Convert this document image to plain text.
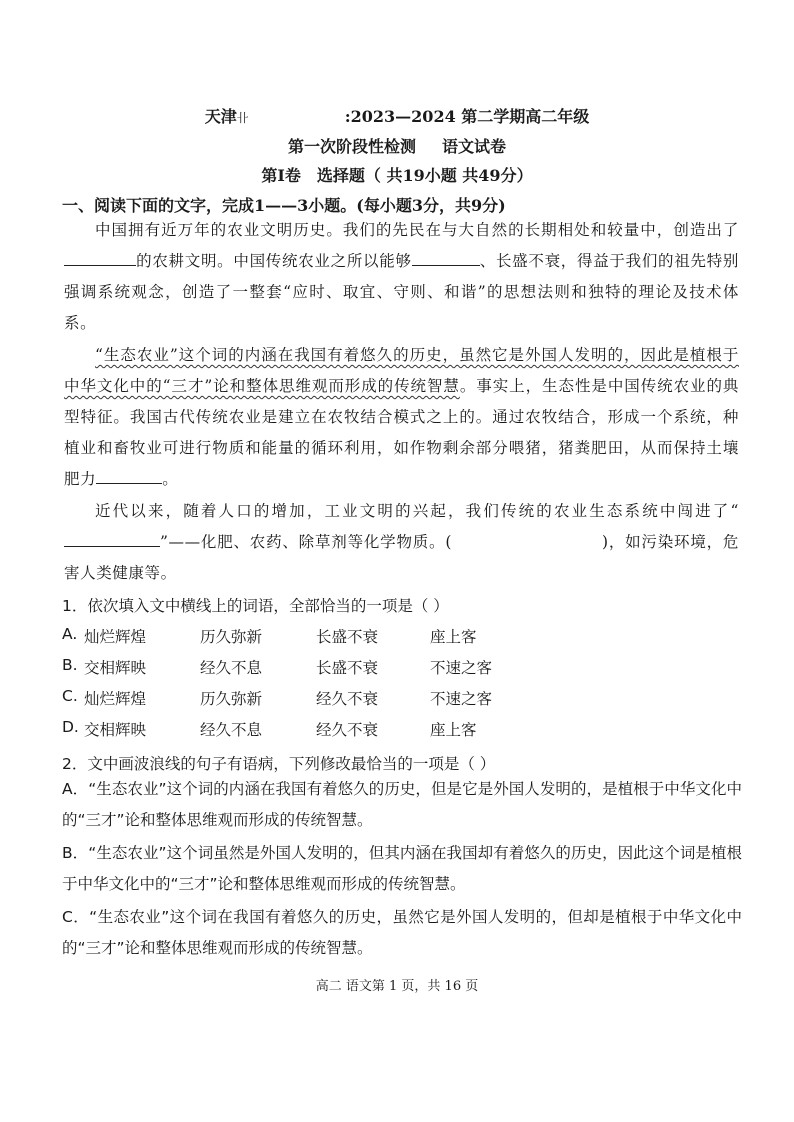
天津卝	:2023—2024 第二学期高二年级
第一次阶段性检测 语文试卷
第Ⅰ卷　选择题（ 共19小题 共49分）
一、阅读下面的文字，完成1——3小题。(每小题3分，共9分)
中国拥有近万年的农业文明历史。我们的先民在与大自然的长期相处和较量中，创造出了的农耕文明。中国传统农业之所以能够	、长盛不衰，得益于我们的祖先特别强调系统观念，创造了一整套“应时、取宜、守则、和谐”的思想法则和独特的理论及技术体系。
“生态农业”这个词的内涵在我国有着悠久的历史，虽然它是外国人发明的，因此是植根于中华文化中的“三才”论和整体思维观而形成的传统智慧。事实上，生态性是中国传统农业的典型特征。我国古代传统农业是建立在农牧结合模式之上的。通过农牧结合，形成一个系统，种植业和畜牧业可进行物质和能量的循环利用，如作物剩余部分喂猪，猪粪肥田，从而保持土壤肥力	。
近代以来，随着人口的增加，工业文明的兴起，我们传统的农业生态系统中闯进了“”——化肥、农药、除草剂等化学物质。(	)，如污染环境，危害人类健康等。
1．依次填入文中横线上的词语，全部恰当的一项是（ ）
A. 灿烂辉煌	历久弥新	长盛不衰	座上客
B. 交相辉映	经久不息	长盛不衰	不速之客
C. 灿烂辉煌	历久弥新	经久不衰	不速之客
D. 交相辉映	经久不息	经久不衰	座上客
2．文中画波浪线的句子有语病，下列修改最恰当的一项是（ ）
A．“生态农业”这个词的内涵在我国有着悠久的历史，但是它是外国人发明的，是植根于中华文化中的“三才”论和整体思维观而形成的传统智慧。
B．“生态农业”这个词虽然是外国人发明的，但其内涵在我国却有着悠久的历史，因此这个词是植根于中华文化中的“三才”论和整体思维观而形成的传统智慧。
C．“生态农业”这个词在我国有着悠久的历史，虽然它是外国人发明的，但却是植根于中华文化中的“三才”论和整体思维观而形成的传统智慧。
高二 语文第 1 页，共 16 页
